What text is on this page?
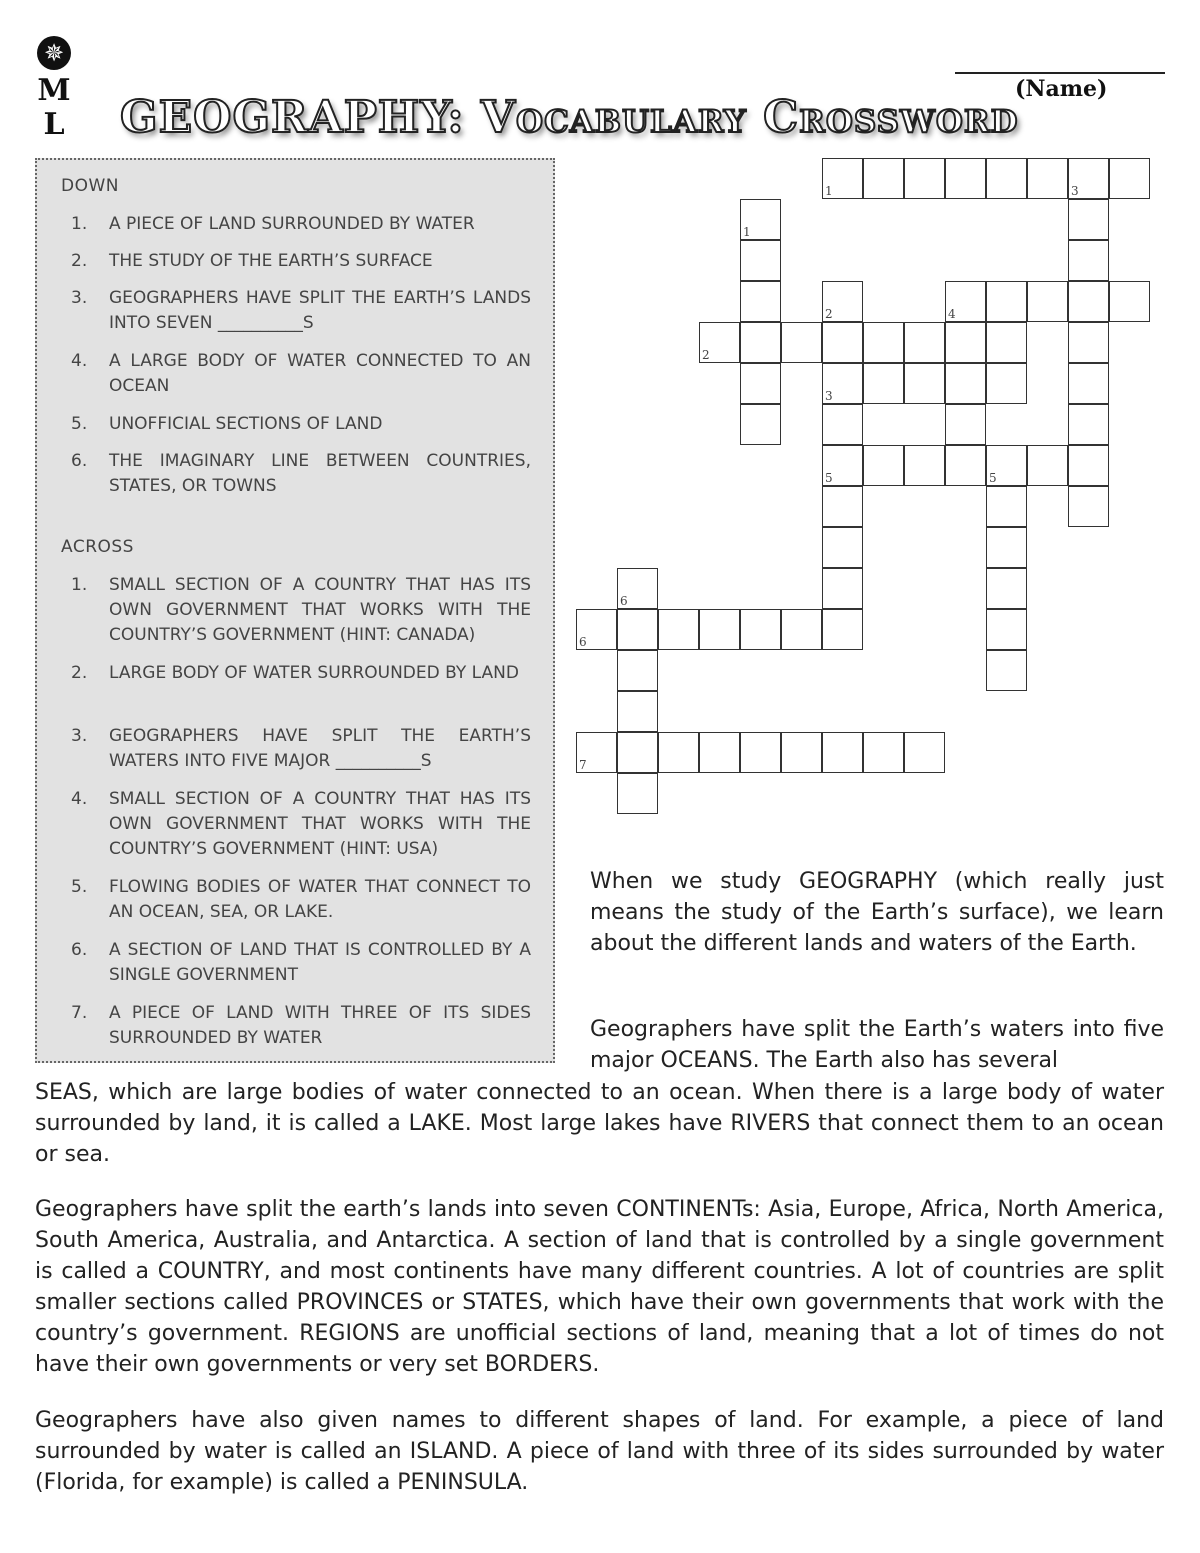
✵
M
L
(Name)
GEOGRAPHY: Vocabulary Crossword
DOWN
1.	A PIECE OF LAND SURROUNDED BY WATER
2.	THE STUDY OF THE EARTH’S SURFACE
3.	GEOGRAPHERS HAVE SPLIT THE EARTH’S LANDS INTO SEVEN __________S
4.	A LARGE BODY OF WATER CONNECTED TO AN OCEAN
5.	UNOFFICIAL SECTIONS OF LAND
6.	THE IMAGINARY LINE BETWEEN COUNTRIES, STATES, OR TOWNS
ACROSS
1.	SMALL SECTION OF A COUNTRY THAT HAS ITS OWN GOVERNMENT THAT WORKS WITH THE COUNTRY’S GOVERNMENT (HINT: CANADA)
2.	LARGE BODY OF WATER SURROUNDED BY LAND
3.	GEOGRAPHERS HAVE SPLIT THE EARTH’S WATERS INTO FIVE MAJOR __________S
4.	SMALL SECTION OF A COUNTRY THAT HAS ITS OWN GOVERNMENT THAT WORKS WITH THE COUNTRY’S GOVERNMENT (HINT: USA)
5.	FLOWING BODIES OF WATER THAT CONNECT TO AN OCEAN, SEA, OR LAKE.
6.	A SECTION OF LAND THAT IS CONTROLLED BY A SINGLE GOVERNMENT
7.	A PIECE OF LAND WITH THREE OF ITS SIDES SURROUNDED BY WATER
1	3
2
3
4
5	5
6
7
1
2
6

When we study GEOGRAPHY (which really just means the study of the Earth’s surface), we learn about the different lands and waters of the Earth.

Geographers have split the Earth’s waters into five major OCEANS. The Earth also has several

SEAS, which are large bodies of water connected to an ocean. When there is a large body of water surrounded by land, it is called a LAKE. Most large lakes have RIVERS that connect them to an ocean or sea.

Geographers have split the earth’s lands into seven CONTINENTs: Asia, Europe, Africa, North America, South America, Australia, and Antarctica. A section of land that is controlled by a single government is called a COUNTRY, and most continents have many different countries. A lot of countries are split smaller sections called PROVINCES or STATES, which have their own governments that work with the country’s government. REGIONS are unofficial sections of land, meaning that a lot of times do not have their own governments or very set BORDERS.

Geographers have also given names to different shapes of land. For example, a piece of land surrounded by water is called an ISLAND. A piece of land with three of its sides surrounded by water (Florida, for example) is called a PENINSULA.
